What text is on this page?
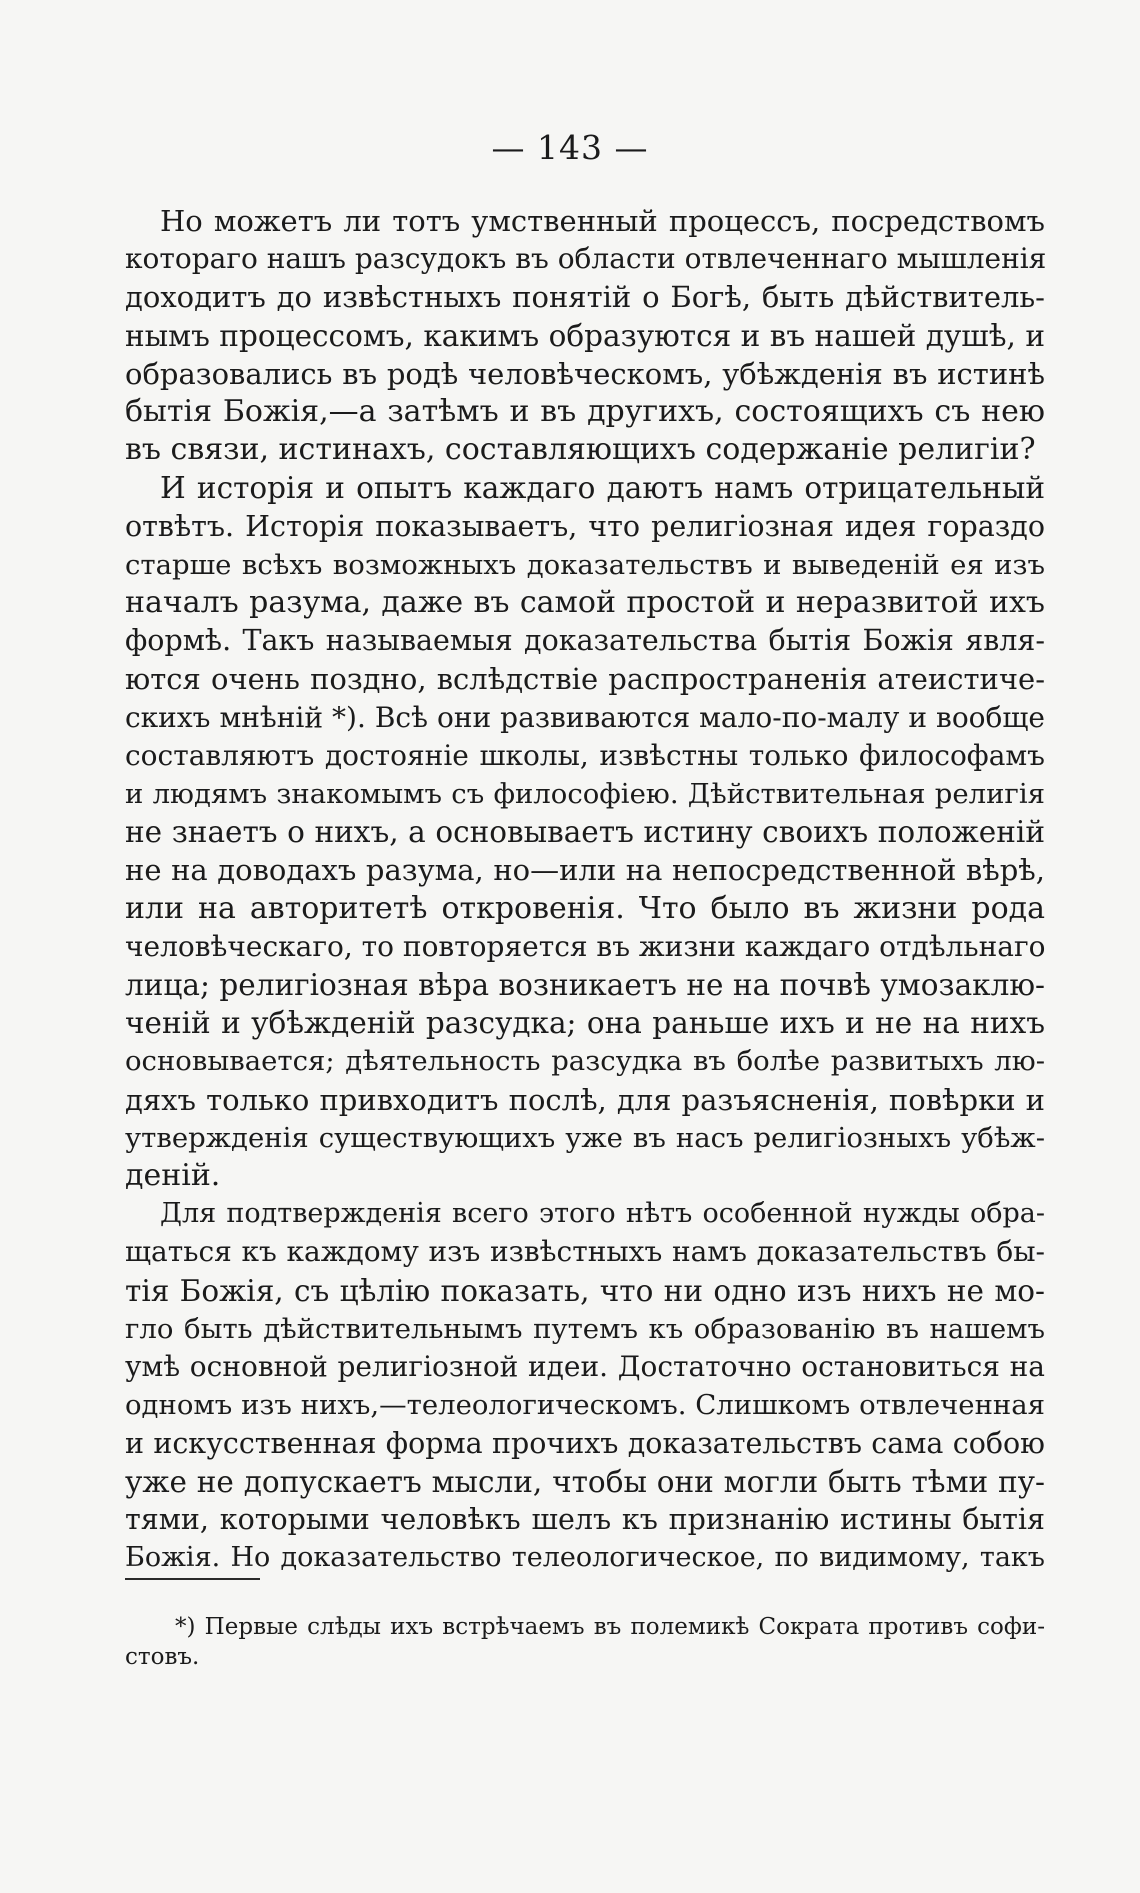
— 143 —

Но можетъ ли тотъ умственный процессъ, посредствомъ

котораго нашъ разсудокъ въ области отвлеченнаго мышленія

доходитъ до извѣстныхъ понятій о Богѣ, быть дѣйствитель-

нымъ процессомъ, какимъ образуются и въ нашей душѣ, и

образовались въ родѣ человѣческомъ, убѣжденія въ истинѣ

бытія Божія,—а затѣмъ и въ другихъ, состоящихъ съ нею

въ связи, истинахъ, составляющихъ содержаніе религіи?

И исторія и опытъ каждаго даютъ намъ отрицательный

отвѣтъ. Исторія показываетъ, что религіозная идея гораздо

старше всѣхъ возможныхъ доказательствъ и выведеній ея изъ

началъ разума, даже въ самой простой и неразвитой ихъ

формѣ. Такъ называемыя доказательства бытія Божія явля-

ются очень поздно, вслѣдствіе распространенія атеистиче-

скихъ мнѣній *). Всѣ они развиваются мало-по-малу и вообще

составляютъ достояніе школы, извѣстны только философамъ

и людямъ знакомымъ съ философіею. Дѣйствительная религія

не знаетъ о нихъ, а основываетъ истину своихъ положеній

не на доводахъ разума, но—или на непосредственной вѣрѣ,

или на авторитетѣ откровенія. Что было въ жизни рода

человѣческаго, то повторяется въ жизни каждаго отдѣльнаго

лица; религіозная вѣра возникаетъ не на почвѣ умозаклю-

ченій и убѣжденій разсудка; она раньше ихъ и не на нихъ

основывается; дѣятельность разсудка въ болѣе развитыхъ лю-

дяхъ только привходитъ послѣ, для разъясненія, повѣрки и

утвержденія существующихъ уже въ насъ религіозныхъ убѣж-

деній.

Для подтвержденія всего этого нѣтъ особенной нужды обра-

щаться къ каждому изъ извѣстныхъ намъ доказательствъ бы-

тія Божія, съ цѣлію показать, что ни одно изъ нихъ не мо-

гло быть дѣйствительнымъ путемъ къ образованію въ нашемъ

умѣ основной религіозной идеи. Достаточно остановиться на

одномъ изъ нихъ,—телеологическомъ. Слишкомъ отвлеченная

и искусственная форма прочихъ доказательствъ сама собою

уже не допускаетъ мысли, чтобы они могли быть тѣми пу-

тями, которыми человѣкъ шелъ къ признанію истины бытія

Божія. Но доказательство телеологическое, по видимому, такъ

*) Первые слѣды ихъ встрѣчаемъ въ полемикѣ Сократа противъ софи-

стовъ.
